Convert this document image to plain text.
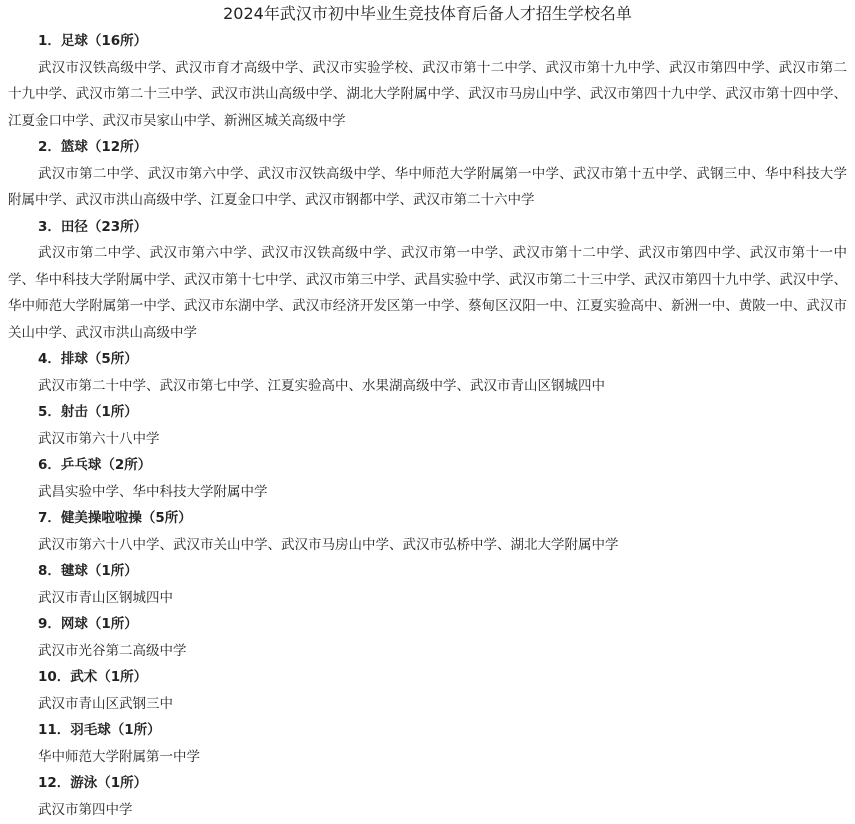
2024年武汉市初中毕业生竞技体育后备人才招生学校名单
1．足球（16所）

武汉市汉铁高级中学、武汉市育才高级中学、武汉市实验学校、武汉市第十二中学、武汉市第十九中学、武汉市第四中学、武汉市第二十九中学、武汉市第二十三中学、武汉市洪山高级中学、湖北大学附属中学、武汉市马房山中学、武汉市第四十九中学、武汉市第十四中学、江夏金口中学、武汉市吴家山中学、新洲区城关高级中学

2．篮球（12所）

武汉市第二中学、武汉市第六中学、武汉市汉铁高级中学、华中师范大学附属第一中学、武汉市第十五中学、武钢三中、华中科技大学附属中学、武汉市洪山高级中学、江夏金口中学、武汉市钢都中学、武汉市第二十六中学

3．田径（23所）

武汉市第二中学、武汉市第六中学、武汉市汉铁高级中学、武汉市第一中学、武汉市第十二中学、武汉市第四中学、武汉市第十一中学、华中科技大学附属中学、武汉市第十七中学、武汉市第三中学、武昌实验中学、武汉市第二十三中学、武汉市第四十九中学、武汉中学、华中师范大学附属第一中学、武汉市东湖中学、武汉市经济开发区第一中学、蔡甸区汉阳一中、江夏实验高中、新洲一中、黄陂一中、武汉市关山中学、武汉市洪山高级中学

4．排球（5所）

武汉市第二十中学、武汉市第七中学、江夏实验高中、水果湖高级中学、武汉市青山区钢城四中

5．射击（1所）

武汉市第六十八中学

6．乒乓球（2所）

武昌实验中学、华中科技大学附属中学

7．健美操啦啦操（5所）

武汉市第六十八中学、武汉市关山中学、武汉市马房山中学、武汉市弘桥中学、湖北大学附属中学

8．毽球（1所）

武汉市青山区钢城四中

9．网球（1所）

武汉市光谷第二高级中学

10．武术（1所）

武汉市青山区武钢三中

11．羽毛球（1所）

华中师范大学附属第一中学

12．游泳（1所）

武汉市第四中学
